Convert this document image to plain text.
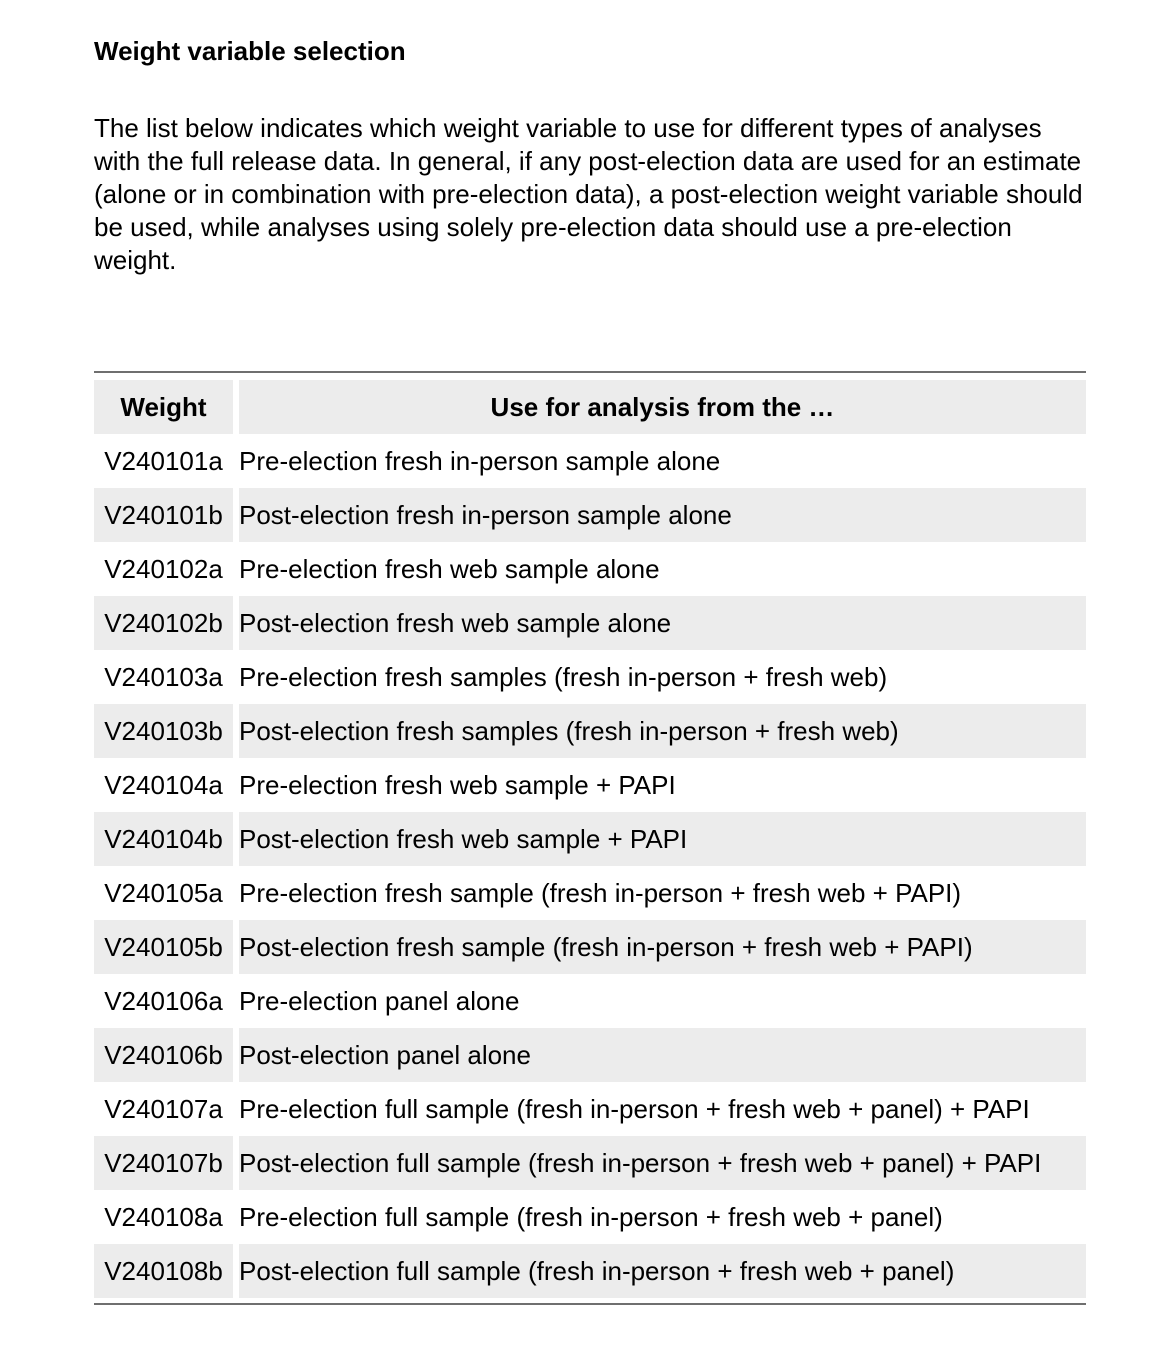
Weight variable selection

The list below indicates which weight variable to use for different types of analyses with the full release data. In general, if any post-election data are used for an estimate (alone or in combination with pre-election data), a post-election weight variable should be used, while analyses using solely pre-election data should use a pre-election weight.

Weight	Use for analysis from the …
V240101a	Pre-election fresh in-person sample alone
V240101b	Post-election fresh in-person sample alone
V240102a	Pre-election fresh web sample alone
V240102b	Post-election fresh web sample alone
V240103a	Pre-election fresh samples (fresh in-person + fresh web)
V240103b	Post-election fresh samples (fresh in-person + fresh web)
V240104a	Pre-election fresh web sample + PAPI
V240104b	Post-election fresh web sample + PAPI
V240105a	Pre-election fresh sample (fresh in-person + fresh web + PAPI)
V240105b	Post-election fresh sample (fresh in-person + fresh web + PAPI)
V240106a	Pre-election panel alone
V240106b	Post-election panel alone
V240107a	Pre-election full sample (fresh in-person + fresh web + panel) + PAPI
V240107b	Post-election full sample (fresh in-person + fresh web + panel) + PAPI
V240108a	Pre-election full sample (fresh in-person + fresh web + panel)
V240108b	Post-election full sample (fresh in-person + fresh web + panel)
